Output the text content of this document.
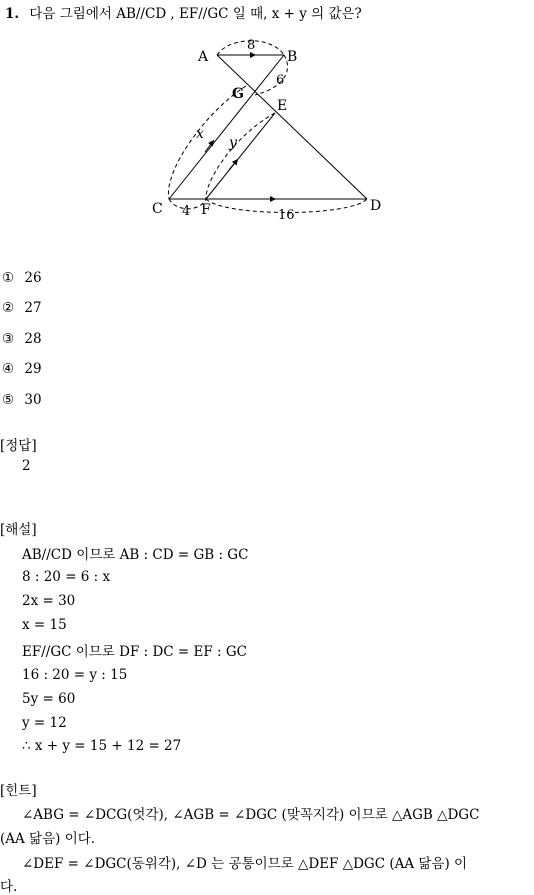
1. 다음 그림에서 AB//CD , EF//GC 일 때, x + y 의 값은?
A	B
G
E
C	F	D
8
6
x
y
4	16
① 26
② 27
③ 28
④ 29
⑤ 30
[정답]
2
[해설]
AB//CD 이므로 AB : CD = GB : GC
8 : 20 = 6 : x
2x = 30
x = 15
EF//GC 이므로 DF : DC = EF : GC
16 : 20 = y : 15
5y = 60
y = 12
∴ x + y = 15 + 12 = 27
[힌트]
∠ABG = ∠DCG(엇각), ∠AGB = ∠DGC (맞꼭지각) 이므로 △AGB △DGC
(AA 닮음) 이다.
∠DEF = ∠DGC(동위각), ∠D 는 공통이므로 △DEF △DGC (AA 닮음) 이
다.
